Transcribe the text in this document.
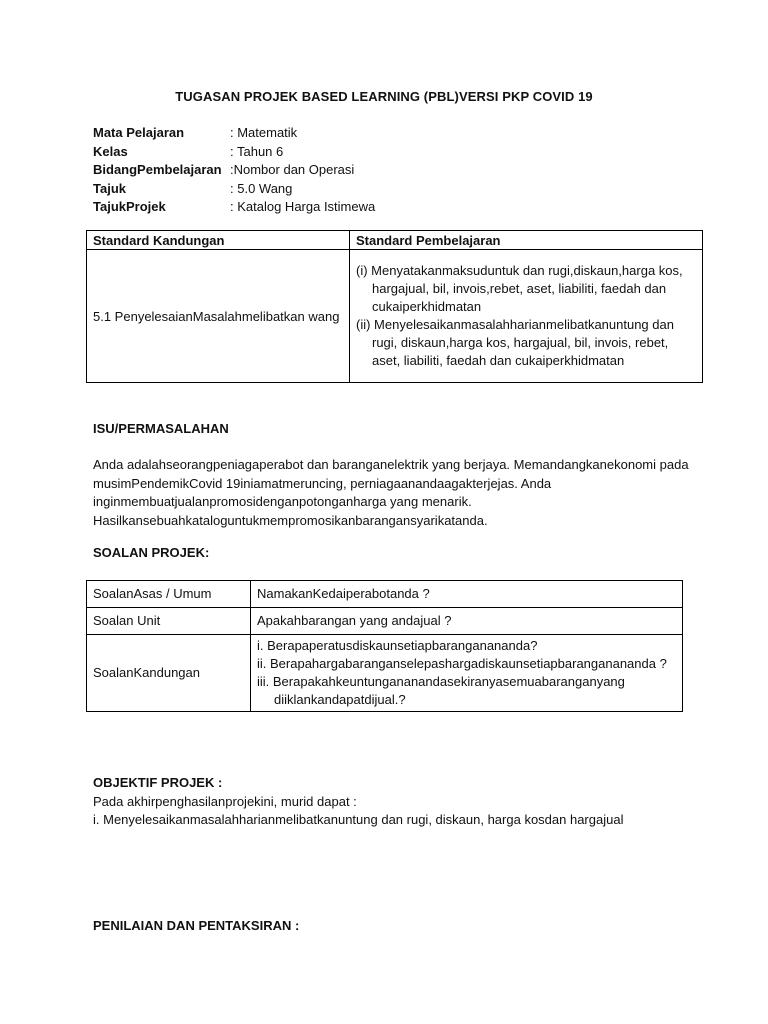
TUGASAN PROJEK BASED LEARNING (PBL)VERSI PKP COVID 19
Mata Pelajaran	: Matematik
Kelas	: Tahun 6
BidangPembelajaran :Nombor dan Operasi
Tajuk	: 5.0 Wang
TajukProjek	: Katalog Harga Istimewa
Standard Kandungan	Standard Pembelajaran
5.1 PenyelesaianMasalahmelibatkan wang	(i) Menyatakanmaksuduntuk dan rugi,diskaun,harga kos, hargajual, bil, invois,rebet, aset, liabiliti, faedah dan cukaiperkhidmatan
(ii) Menyelesaikanmasalahharianmelibatkanuntung dan rugi, diskaun,harga kos, hargajual, bil, invois, rebet, aset, liabiliti, faedah dan cukaiperkhidmatan
ISU/PERMASALAHAN
Anda adalahseorangpeniagaperabot dan baranganelektrik yang berjaya. Memandangkanekonomi pada musimPendemikCovid 19iniamatmeruncing, perniagaanandaagakterjejas. Anda inginmembuatjualanpromosidenganpotonganharga yang menarik. Hasilkansebuahkataloguntukmempromosikanbarangansyarikatanda.
SOALAN PROJEK:
SoalanAsas / Umum	NamakanKedaiperabotanda ?
Soalan Unit	Apakahbarangan yang andajual ?
SoalanKandungan	i. Berapaperatusdiskaunsetiapbaranganananda?
ii. Berapahargabaranganselepashargadiskaunsetiapbaranganananda ?
iii. Berapakahkeuntungananandasekiranyasemuabaranganyang diiklankandapatdijual.?
OBJEKTIF PROJEK :
Pada akhirpenghasilanprojekini, murid dapat :
i. Menyelesaikanmasalahharianmelibatkanuntung dan rugi, diskaun, harga kosdan hargajual
PENILAIAN DAN PENTAKSIRAN :
